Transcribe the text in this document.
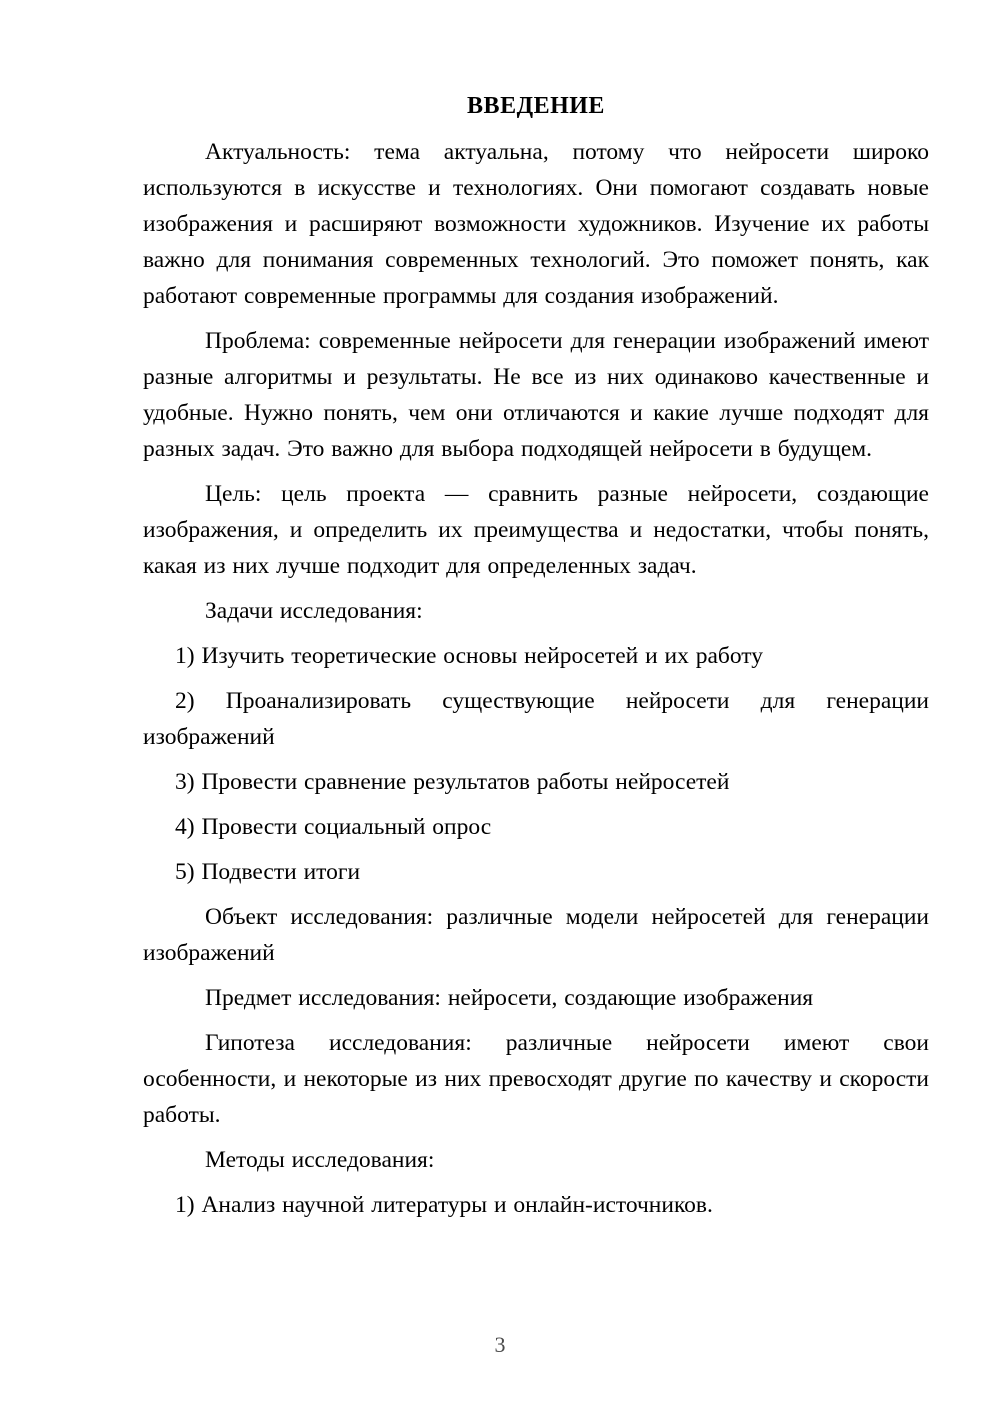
ВВЕДЕНИЕ

Актуальность: тема актуальна, потому что нейросети широко используются в искусстве и технологиях. Они помогают создавать новые изображения и расширяют возможности художников. Изучение их работы важно для понимания современных технологий. Это поможет понять, как работают современные программы для создания изображений.

Проблема: современные нейросети для генерации изображений имеют разные алгоритмы и результаты. Не все из них одинаково качественные и удобные. Нужно понять, чем они отличаются и какие лучше подходят для разных задач. Это важно для выбора подходящей нейросети в будущем.

Цель: цель проекта — сравнить разные нейросети, создающие изображения, и определить их преимущества и недостатки, чтобы понять, какая из них лучше подходит для определенных задач.

Задачи исследования:

1) Изучить теоретические основы нейросетей и их работу

2) Проанализировать существующие нейросети для генерации изображений

3) Провести сравнение результатов работы нейросетей

4) Провести социальный опрос

5) Подвести итоги

Объект исследования: различные модели нейросетей для генерации изображений

Предмет исследования: нейросети, создающие изображения

Гипотеза исследования: различные нейросети имеют свои особенности, и некоторые из них превосходят другие по качеству и скорости работы.

Методы исследования:

1) Анализ научной литературы и онлайн-источников.

3
